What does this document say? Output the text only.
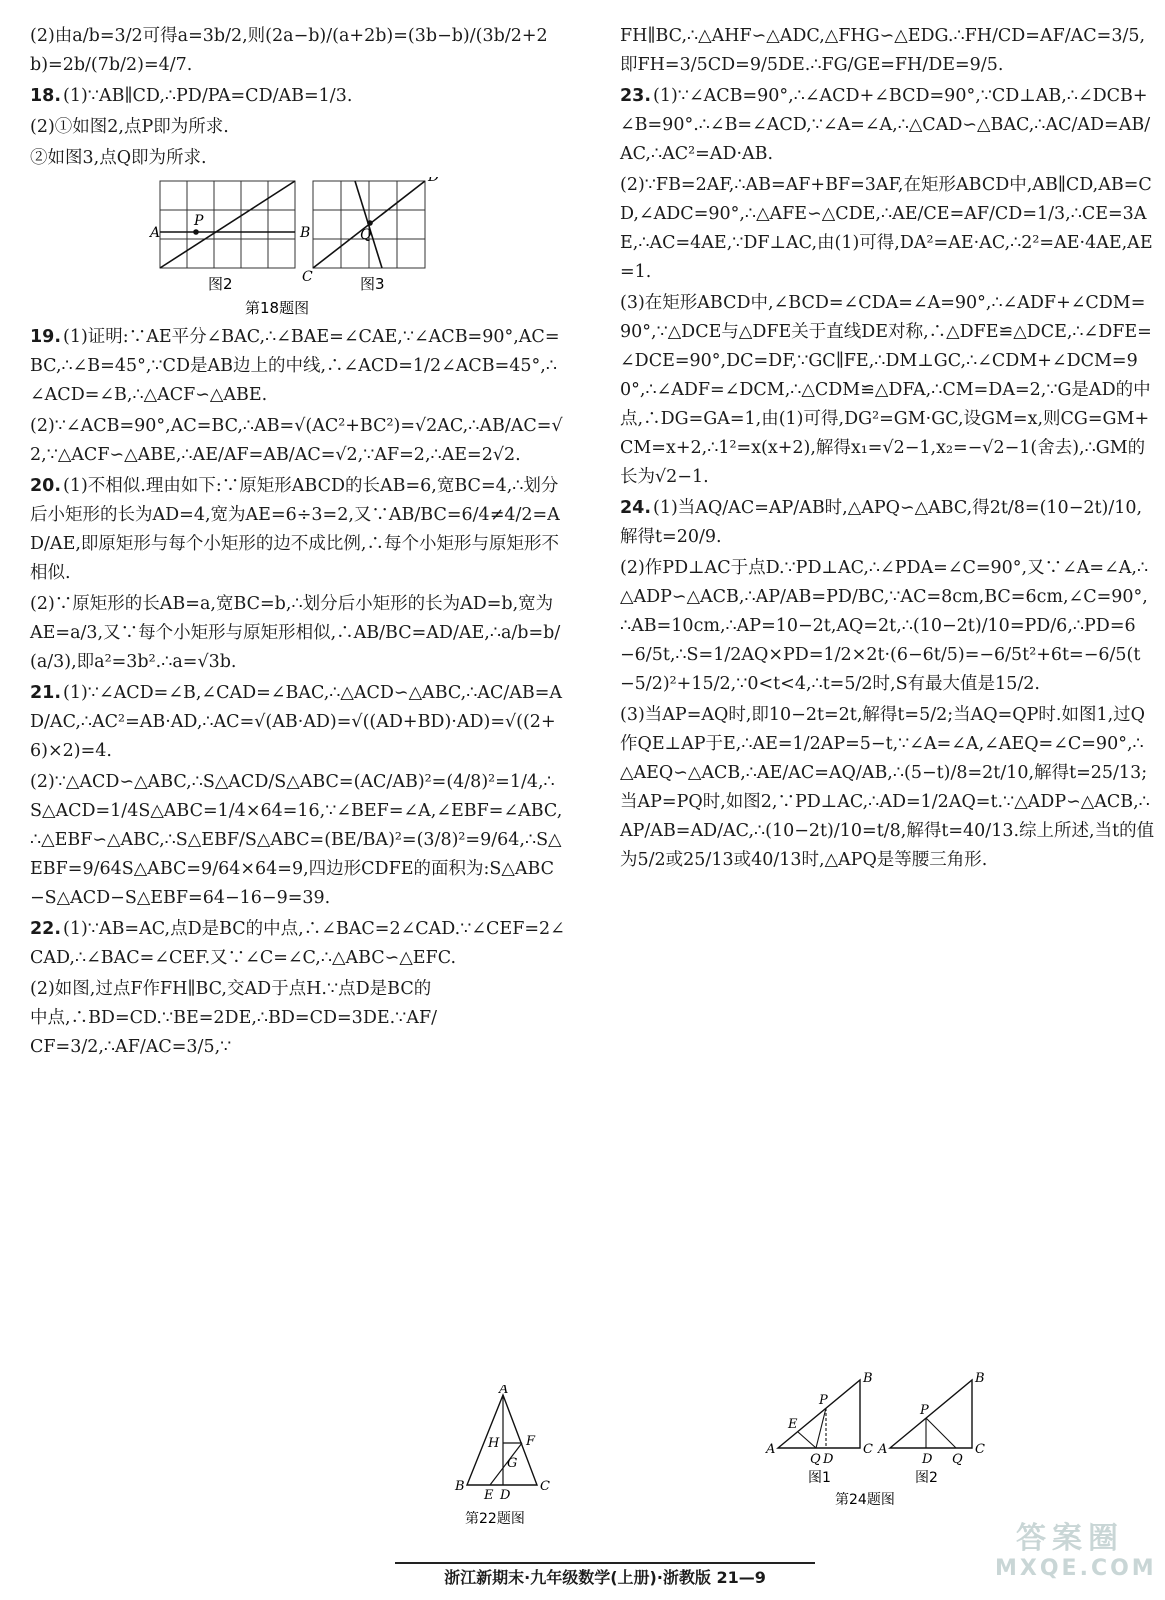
(2)由a/b=3/2可得a=3b/2,则(2a−b)/(a+2b)=(3b−b)/(3b/2+2b)=2b/(7b/2)=4/7.

18. (1)∵AB∥CD,∴PD/PA=CD/AB=1/3.

(2)①如图2,点P即为所求.

②如图3,点Q即为所求.

A	B
P
C
D
Q
图2	图3
第18题图

19. (1)证明:∵AE平分∠BAC,∴∠BAE=∠CAE,∵∠ACB=90°,AC=BC,∴∠B=45°,∵CD是AB边上的中线,∴∠ACD=1/2∠ACB=45°,∴∠ACD=∠B,∴△ACF∽△ABE.

(2)∵∠ACB=90°,AC=BC,∴AB=√(AC²+BC²)=√2AC,∴AB/AC=√2,∵△ACF∽△ABE,∴AE/AF=AB/AC=√2,∵AF=2,∴AE=2√2.

20. (1)不相似.理由如下:∵原矩形ABCD的长AB=6,宽BC=4,∴划分后小矩形的长为AD=4,宽为AE=6÷3=2,又∵AB/BC=6/4≠4/2=AD/AE,即原矩形与每个小矩形的边不成比例,∴每个小矩形与原矩形不相似.

(2)∵原矩形的长AB=a,宽BC=b,∴划分后小矩形的长为AD=b,宽为AE=a/3,又∵每个小矩形与原矩形相似,∴AB/BC=AD/AE,∴a/b=b/(a/3),即a²=3b².∴a=√3b.

21. (1)∵∠ACD=∠B,∠CAD=∠BAC,∴△ACD∽△ABC,∴AC/AB=AD/AC,∴AC²=AB·AD,∴AC=√(AB·AD)=√((AD+BD)·AD)=√((2+6)×2)=4.

(2)∵△ACD∽△ABC,∴S△ACD/S△ABC=(AC/AB)²=(4/8)²=1/4,∴S△ACD=1/4S△ABC=1/4×64=16,∵∠BEF=∠A,∠EBF=∠ABC,∴△EBF∽△ABC,∴S△EBF/S△ABC=(BE/BA)²=(3/8)²=9/64,∴S△EBF=9/64S△ABC=9/64×64=9,四边形CDFE的面积为:S△ABC−S△ACD−S△EBF=64−16−9=39.

22. (1)∵AB=AC,点D是BC的中点,∴∠BAC=2∠CAD.∵∠CEF=2∠CAD,∴∠BAC=∠CEF.又∵∠C=∠C,∴△ABC∽△EFC.

(2)如图,过点F作FH∥BC,交AD于点H.∵点D是BC的中点,∴BD=CD.∵BE=2DE,∴BD=CD=3DE.∵AF/CF=3/2,∴AF/AC=3/5,∵

A
B	C
D
E
F
G
H
第22题图

FH∥BC,∴△AHF∽△ADC,△FHG∽△EDG.∴FH/CD=AF/AC=3/5,即FH=3/5CD=9/5DE.∴FG/GE=FH/DE=9/5.

23. (1)∵∠ACB=90°,∴∠ACD+∠BCD=90°,∵CD⊥AB,∴∠DCB+∠B=90°.∴∠B=∠ACD,∵∠A=∠A,∴△CAD∽△BAC,∴AC/AD=AB/AC,∴AC²=AD·AB.

(2)∵FB=2AF,∴AB=AF+BF=3AF,在矩形ABCD中,AB∥CD,AB=CD,∠ADC=90°,∴△AFE∽△CDE,∴AE/CE=AF/CD=1/3,∴CE=3AE,∴AC=4AE,∵DF⊥AC,由(1)可得,DA²=AE·AC,∴2²=AE·4AE,AE=1.

(3)在矩形ABCD中,∠BCD=∠CDA=∠A=90°,∴∠ADF+∠CDM=90°,∵△DCE与△DFE关于直线DE对称,∴△DFE≌△DCE,∴∠DFE=∠DCE=90°,DC=DF,∵GC∥FE,∴DM⊥GC,∴∠CDM+∠DCM=90°,∴∠ADF=∠DCM,∴△CDM≌△DFA,∴CM=DA=2,∵G是AD的中点,∴DG=GA=1,由(1)可得,DG²=GM·GC,设GM=x,则CG=GM+CM=x+2,∴1²=x(x+2),解得x₁=√2−1,x₂=−√2−1(舍去),∴GM的长为√2−1.

24. (1)当AQ/AC=AP/AB时,△APQ∽△ABC,得2t/8=(10−2t)/10,解得t=20/9.

(2)作PD⊥AC于点D.∵PD⊥AC,∴∠PDA=∠C=90°,又∵∠A=∠A,∴△ADP∽△ACB,∴AP/AB=PD/BC,∵AC=8cm,BC=6cm,∠C=90°,∴AB=10cm,∴AP=10−2t,AQ=2t,∴(10−2t)/10=PD/6,∴PD=6−6/5t,∴S=1/2AQ×PD=1/2×2t·(6−6t/5)=−6/5t²+6t=−6/5(t−5/2)²+15/2,∵0<t<4,∴t=5/2时,S有最大值是15/2.

(3)当AP=AQ时,即10−2t=2t,解得t=5/2;当AQ=QP时.如图1,过Q作QE⊥AP于E,∴AE=1/2AP=5−t,∵∠A=∠A,∠AEQ=∠C=90°,∴△AEQ∽△ACB,∴AE/AC=AQ/AB,∴(5−t)/8=2t/10,解得t=25/13;当AP=PQ时,如图2,∵PD⊥AC,∴AD=1/2AQ=t.∵△ADP∽△ACB,∴AP/AB=AD/AC,∴(10−2t)/10=t/8,解得t=40/13.综上所述,当t的值为5/2或25/13或40/13时,△APQ是等腰三角形.

A
B
C
D
E
P
Q
A
B
C
D
P
Q
图1	图2
第24题图
浙江新期末·九年级数学(上册)·浙教版 21—9
答案圈
MXQE.COM
